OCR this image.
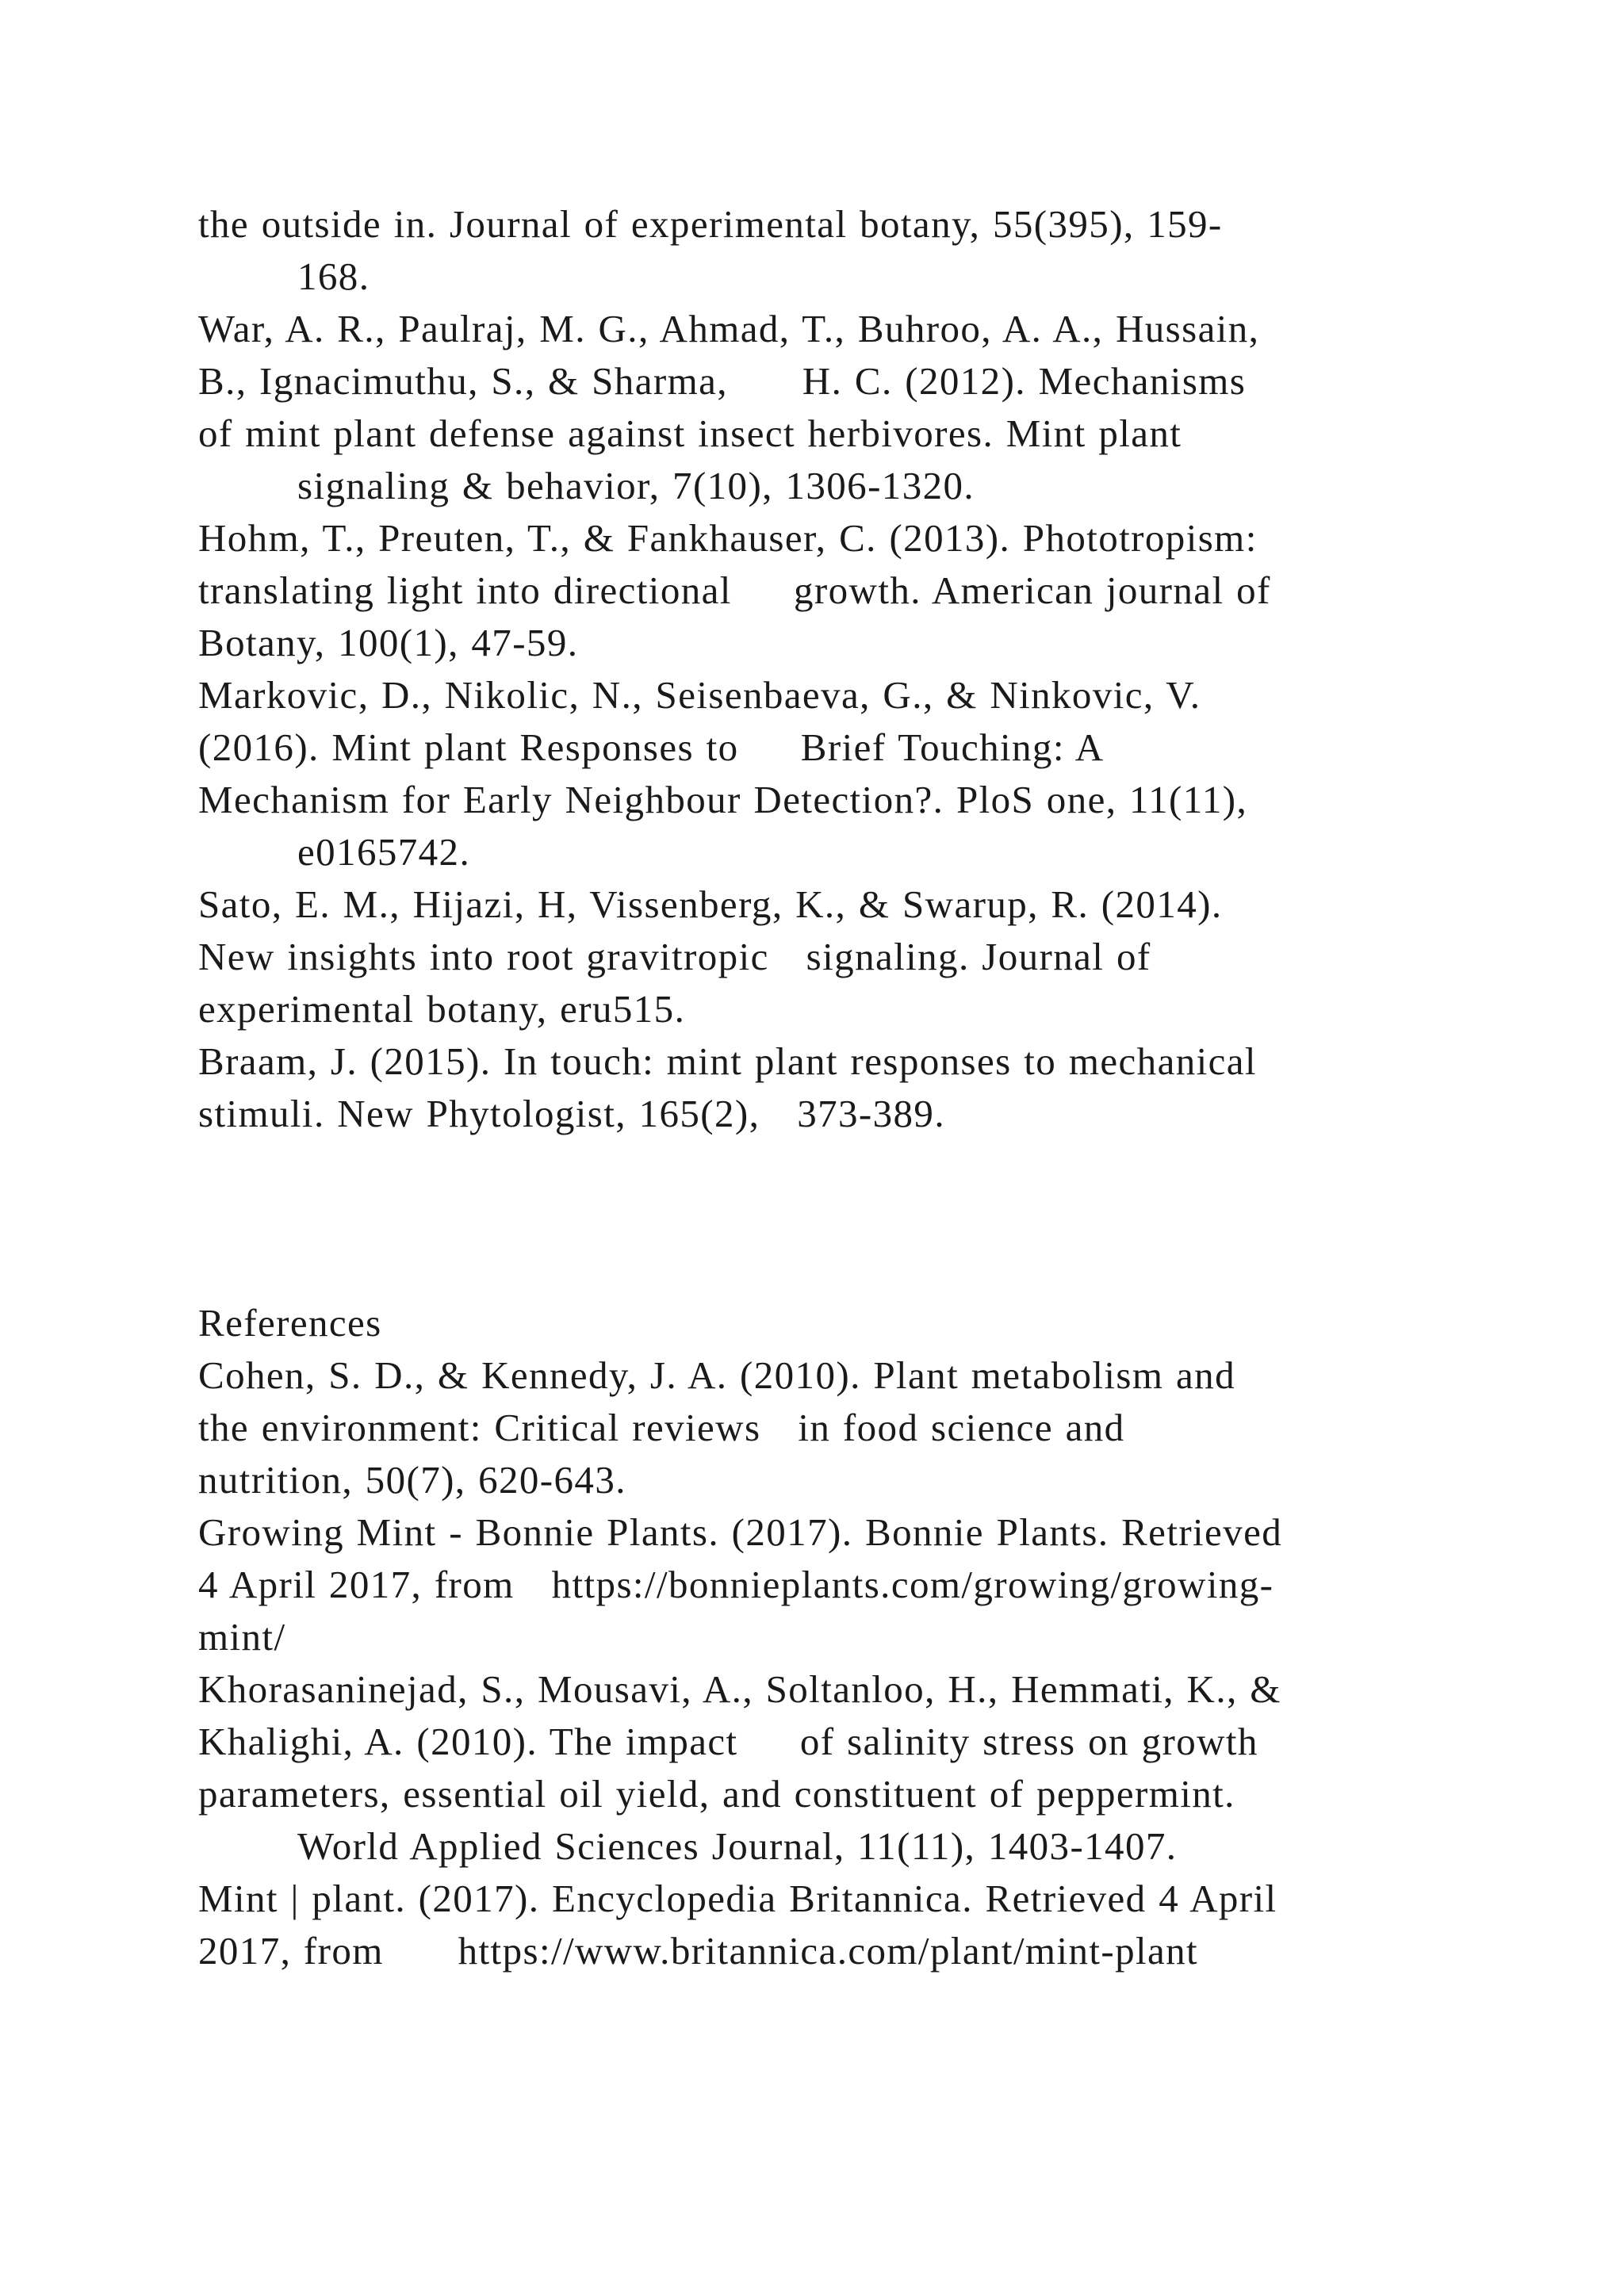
the outside in. Journal of experimental botany, 55(395), 159-
168.
War, A. R., Paulraj, M. G., Ahmad, T., Buhroo, A. A., Hussain,
B., Ignacimuthu, S., & Sharma,      H. C. (2012). Mechanisms
of mint plant defense against insect herbivores. Mint plant
signaling & behavior, 7(10), 1306-1320.
Hohm, T., Preuten, T., & Fankhauser, C. (2013). Phototropism:
translating light into directional     growth. American journal of
Botany, 100(1), 47-59.
Markovic, D., Nikolic, N., Seisenbaeva, G., & Ninkovic, V.
(2016). Mint plant Responses to     Brief Touching: A
Mechanism for Early Neighbour Detection?. PloS one, 11(11),
e0165742.
Sato, E. M., Hijazi, H, Vissenberg, K., & Swarup, R. (2014).
New insights into root gravitropic   signaling. Journal of
experimental botany, eru515.
Braam, J. (2015). In touch: mint plant responses to mechanical
stimuli. New Phytologist, 165(2),   373-389.
References
Cohen, S. D., & Kennedy, J. A. (2010). Plant metabolism and
the environment: Critical reviews   in food science and
nutrition, 50(7), 620-643.
Growing Mint - Bonnie Plants. (2017). Bonnie Plants. Retrieved
4 April 2017, from   https://bonnieplants.com/growing/growing-
mint/
Khorasaninejad, S., Mousavi, A., Soltanloo, H., Hemmati, K., &
Khalighi, A. (2010). The impact     of salinity stress on growth
parameters, essential oil yield, and constituent of peppermint.
World Applied Sciences Journal, 11(11), 1403-1407.
Mint | plant. (2017). Encyclopedia Britannica. Retrieved 4 April
2017, from      https://www.britannica.com/plant/mint-plant
